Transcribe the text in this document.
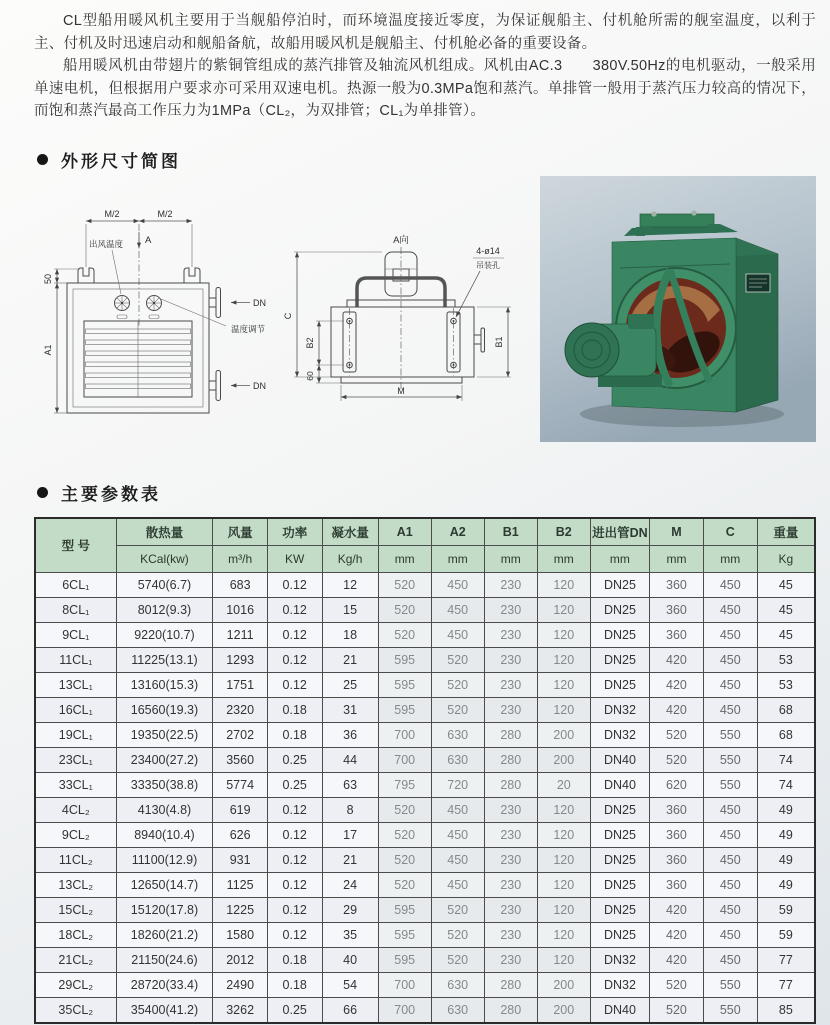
CL型船用暖风机主要用于当舰船停泊时，而环境温度接近零度，为保证舰船主、付机舱所需的舰室温度，以利于主、付机及时迅速启动和舰船备航，故船用暖风机是舰船主、付机舱必备的重要设备。

船用暖风机由带翅片的紫铜管组成的蒸汽排管及轴流风机组成。风机由AC.3　　380V.50Hz的电机驱动，一般采用单速电机，但根据用户要求亦可采用双速电机。热源一般为0.3MPa饱和蒸汽。单排管一般用于蒸汽压力较高的情况下，而饱和蒸汽最高工作压力为1MPa（CL₂，为双排管；CL₁为单排管）。

外形尺寸简图
M/2	M/2
A
50
A1
DN
DN
出风温度
温度调节
A向
C
B2
60
M
B1
4-ø14
吊装孔
主要参数表
型 号	散热量	风量	功率	凝水量	A1	A2	B1	B2	进出管DN	M	C	重量
	KCal(kw)	m³/h	KW	Kg/h	mm	mm	mm	mm	mm	mm	mm	Kg
6CL₁	5740(6.7)	683	0.12	12	520	450	230	120	DN25	360	450	45
8CL₁	8012(9.3)	1016	0.12	15	520	450	230	120	DN25	360	450	45
9CL₁	9220(10.7)	1211	0.12	18	520	450	230	120	DN25	360	450	45
11CL₁	11225(13.1)	1293	0.12	21	595	520	230	120	DN25	420	450	53
13CL₁	13160(15.3)	1751	0.12	25	595	520	230	120	DN25	420	450	53
16CL₁	16560(19.3)	2320	0.18	31	595	520	230	120	DN32	420	450	68
19CL₁	19350(22.5)	2702	0.18	36	700	630	280	200	DN32	520	550	68
23CL₁	23400(27.2)	3560	0.25	44	700	630	280	200	DN40	520	550	74
33CL₁	33350(38.8)	5774	0.25	63	795	720	280	20	DN40	620	550	74
4CL₂	4130(4.8)	619	0.12	8	520	450	230	120	DN25	360	450	49
9CL₂	8940(10.4)	626	0.12	17	520	450	230	120	DN25	360	450	49
11CL₂	11100(12.9)	931	0.12	21	520	450	230	120	DN25	360	450	49
13CL₂	12650(14.7)	1125	0.12	24	520	450	230	120	DN25	360	450	49
15CL₂	15120(17.8)	1225	0.12	29	595	520	230	120	DN25	420	450	59
18CL₂	18260(21.2)	1580	0.12	35	595	520	230	120	DN25	420	450	59
21CL₂	21150(24.6)	2012	0.18	40	595	520	230	120	DN32	420	450	77
29CL₂	28720(33.4)	2490	0.18	54	700	630	280	200	DN32	520	550	77
35CL₂	35400(41.2)	3262	0.25	66	700	630	280	200	DN40	520	550	85
